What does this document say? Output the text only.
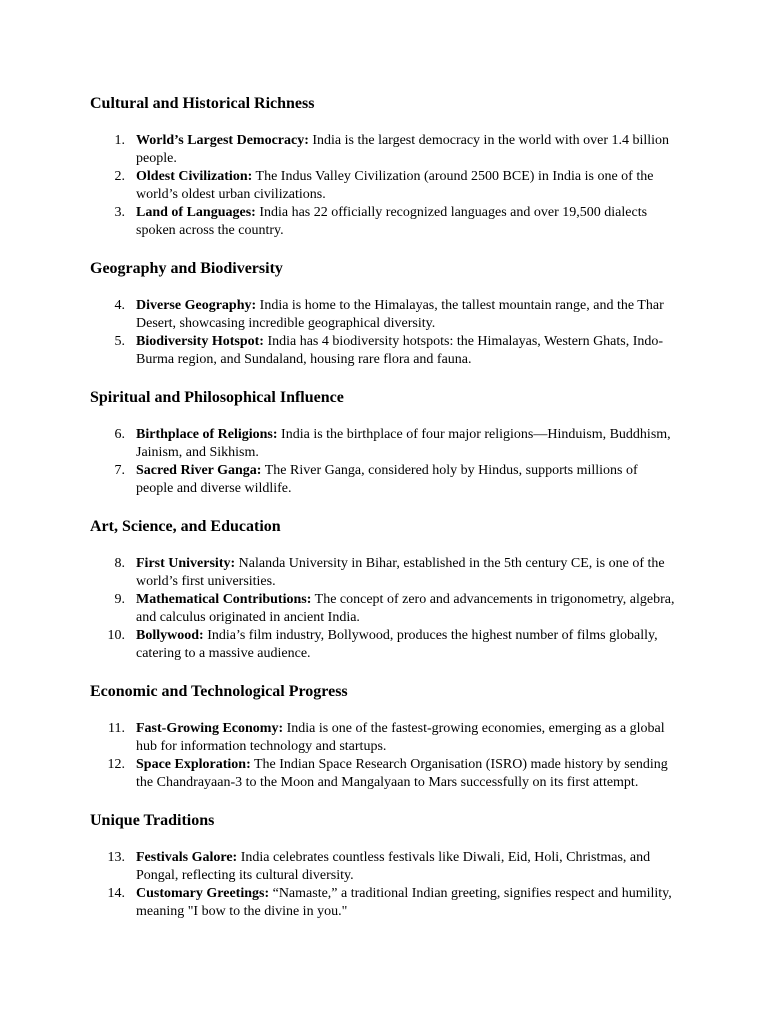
Cultural and Historical Richness
1. World’s Largest Democracy: India is the largest democracy in the world with over 1.4 billion people.
2. Oldest Civilization: The Indus Valley Civilization (around 2500 BCE) in India is one of the world’s oldest urban civilizations.
3. Land of Languages: India has 22 officially recognized languages and over 19,500 dialects spoken across the country.
Geography and Biodiversity
4. Diverse Geography: India is home to the Himalayas, the tallest mountain range, and the Thar Desert, showcasing incredible geographical diversity.
5. Biodiversity Hotspot: India has 4 biodiversity hotspots: the Himalayas, Western Ghats, Indo-Burma region, and Sundaland, housing rare flora and fauna.
Spiritual and Philosophical Influence
6. Birthplace of Religions: India is the birthplace of four major religions—Hinduism, Buddhism, Jainism, and Sikhism.
7. Sacred River Ganga: The River Ganga, considered holy by Hindus, supports millions of people and diverse wildlife.
Art, Science, and Education
8. First University: Nalanda University in Bihar, established in the 5th century CE, is one of the world’s first universities.
9. Mathematical Contributions: The concept of zero and advancements in trigonometry, algebra, and calculus originated in ancient India.
10. Bollywood: India’s film industry, Bollywood, produces the highest number of films globally, catering to a massive audience.
Economic and Technological Progress
11. Fast-Growing Economy: India is one of the fastest-growing economies, emerging as a global hub for information technology and startups.
12. Space Exploration: The Indian Space Research Organisation (ISRO) made history by sending the Chandrayaan-3 to the Moon and Mangalyaan to Mars successfully on its first attempt.
Unique Traditions
13. Festivals Galore: India celebrates countless festivals like Diwali, Eid, Holi, Christmas, and Pongal, reflecting its cultural diversity.
14. Customary Greetings: “Namaste,” a traditional Indian greeting, signifies respect and humility, meaning "I bow to the divine in you."
